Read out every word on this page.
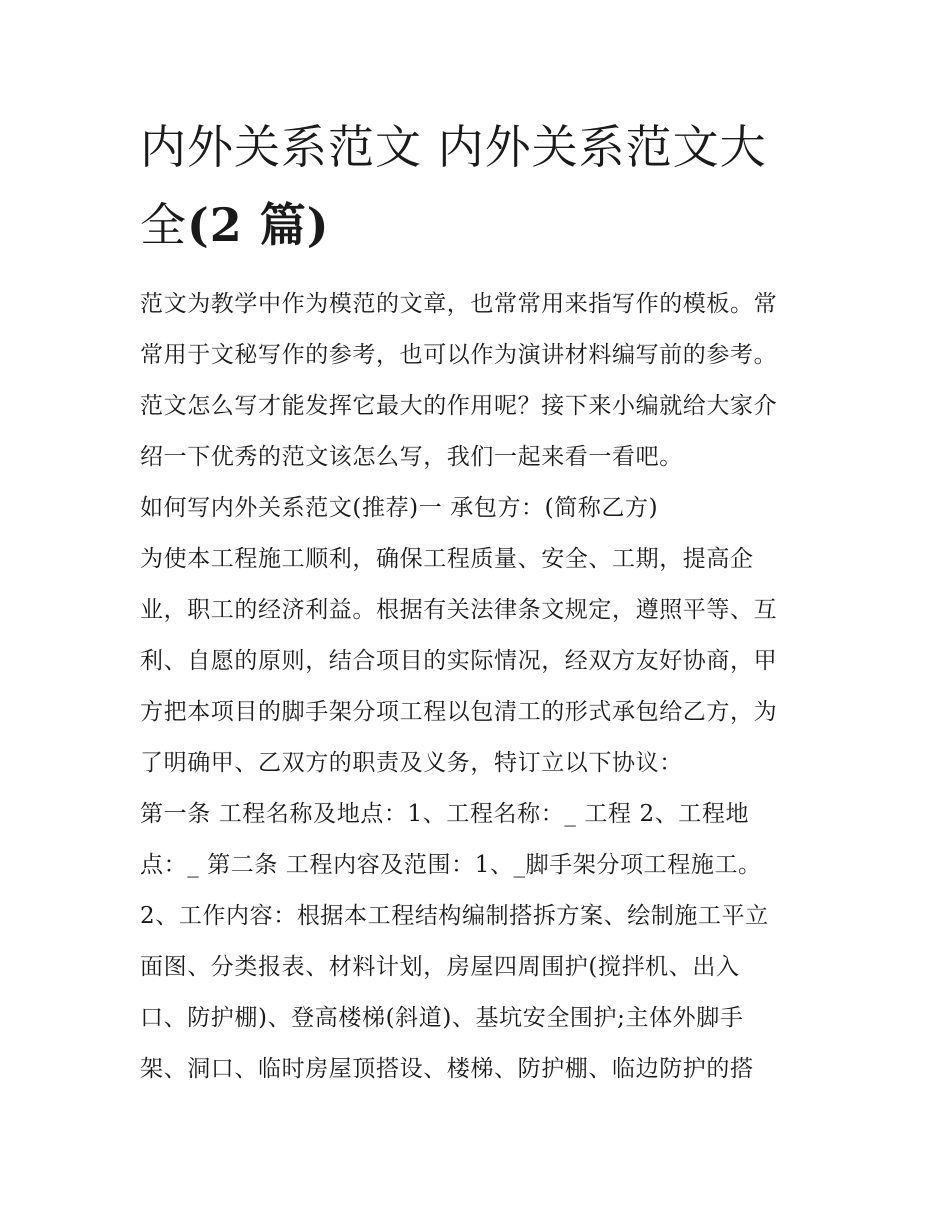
内外关系范文 内外关系范文大
全(2 篇)
范文为教学中作为模范的文章，也常常用来指写作的模板。常
常用于文秘写作的参考，也可以作为演讲材料编写前的参考。
范文怎么写才能发挥它最大的作用呢？接下来小编就给大家介
绍一下优秀的范文该怎么写，我们一起来看一看吧。
如何写内外关系范文(推荐)一 承包方：(简称乙方)
为使本工程施工顺利，确保工程质量、安全、工期，提高企
业，职工的经济利益。根据有关法律条文规定，遵照平等、互
利、自愿的原则，结合项目的实际情况，经双方友好协商，甲
方把本项目的脚手架分项工程以包清工的形式承包给乙方，为
了明确甲、乙双方的职责及义务，特订立以下协议：
第一条 工程名称及地点：1、工程名称：_ 工程 2、工程地
点：_ 第二条 工程内容及范围：1、_脚手架分项工程施工。
2、工作内容：根据本工程结构编制搭拆方案、绘制施工平立
面图、分类报表、材料计划，房屋四周围护(搅拌机、出入
口、防护棚)、登高楼梯(斜道)、基坑安全围护;主体外脚手
架、洞口、临时房屋顶搭设、楼梯、防护棚、临边防护的搭
